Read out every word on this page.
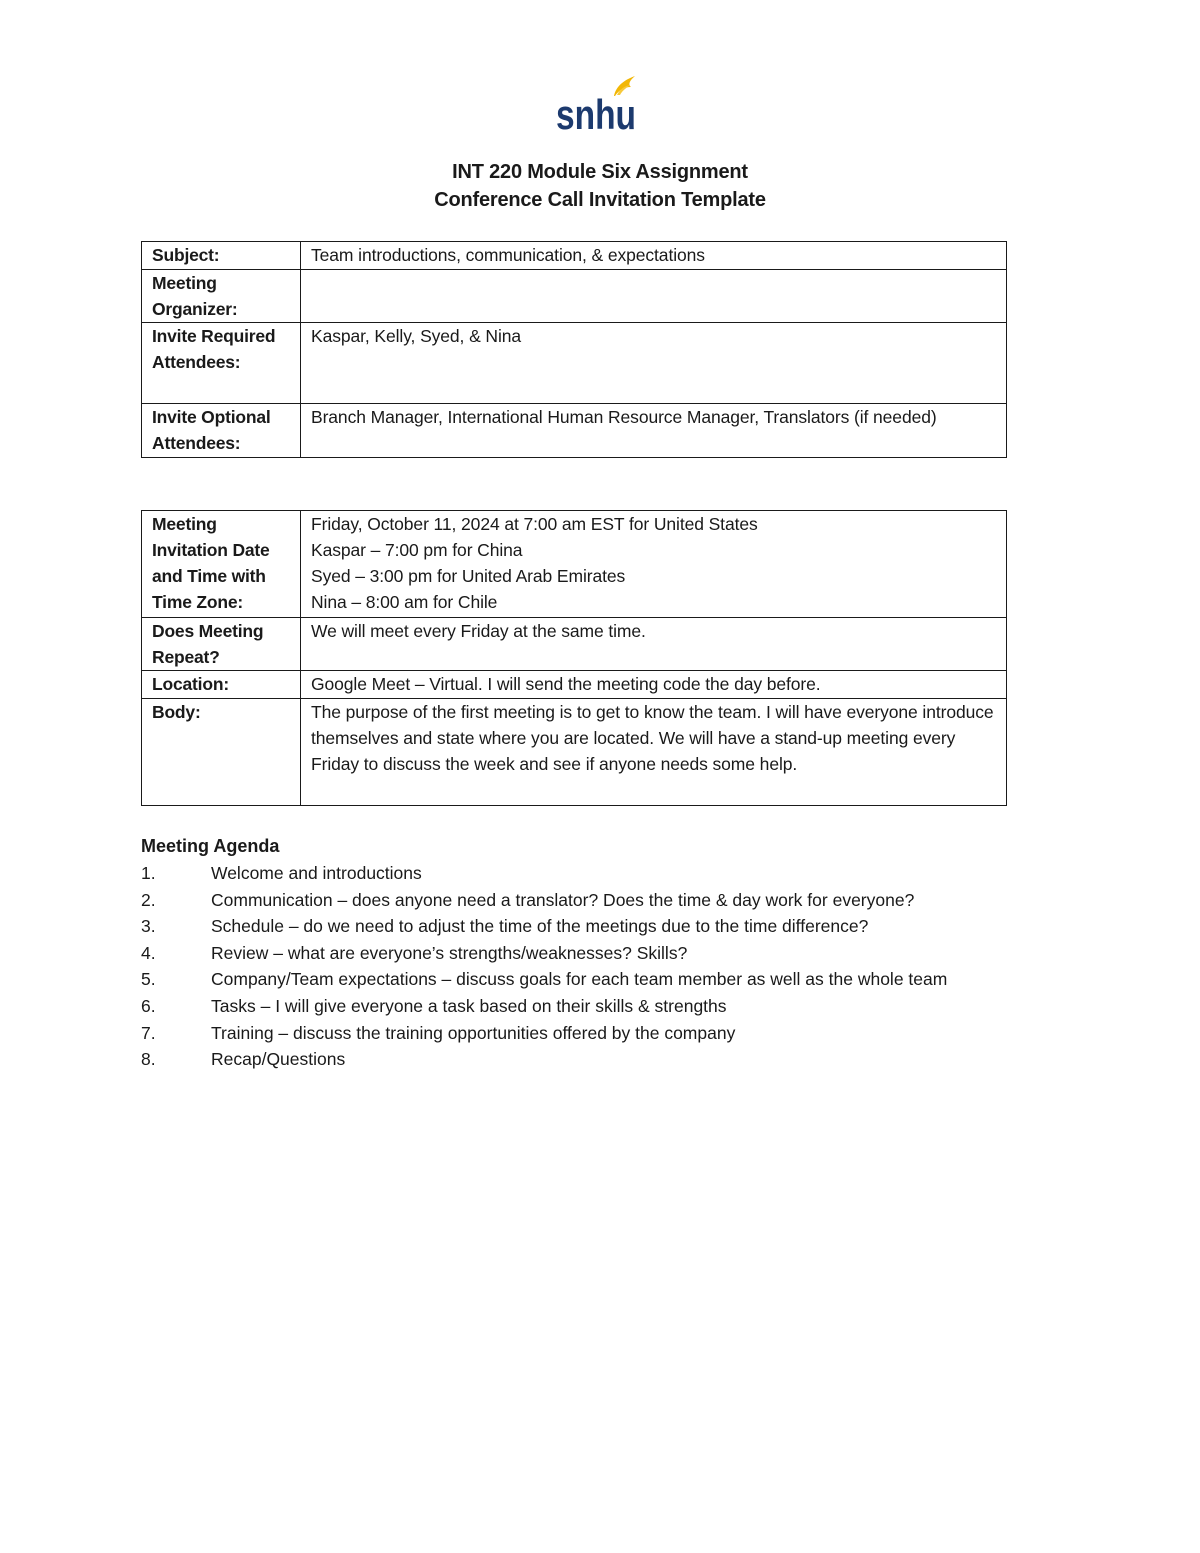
snhu
INT 220 Module Six Assignment
Conference Call Invitation Template
Subject:	Team introductions, communication, & expectations
Meeting Organizer:	
Invite Required Attendees:	Kaspar, Kelly, Syed, & Nina
Invite Optional Attendees:	Branch Manager, International Human Resource Manager, Translators (if needed)
Meeting Invitation Date and Time with Time Zone:	Friday, October 11, 2024 at 7:00 am EST for United States
Kaspar – 7:00 pm for China
Syed – 3:00 pm for United Arab Emirates
Nina – 8:00 am for Chile

Does Meeting Repeat?	We will meet every Friday at the same time.
Location:	Google Meet – Virtual. I will send the meeting code the day before.
Body:	The purpose of the first meeting is to get to know the team. I will have everyone introduce themselves and state where you are located. We will have a stand-up meeting every Friday to discuss the week and see if anyone needs some help.
Meeting Agenda
1.	Welcome and introductions
2.	Communication – does anyone need a translator? Does the time & day work for everyone?
3.	Schedule – do we need to adjust the time of the meetings due to the time difference?
4.	Review – what are everyone’s strengths/weaknesses? Skills?
5.	Company/Team expectations – discuss goals for each team member as well as the whole team
6.	Tasks – I will give everyone a task based on their skills & strengths
7.	Training – discuss the training opportunities offered by the company
8.	Recap/Questions
